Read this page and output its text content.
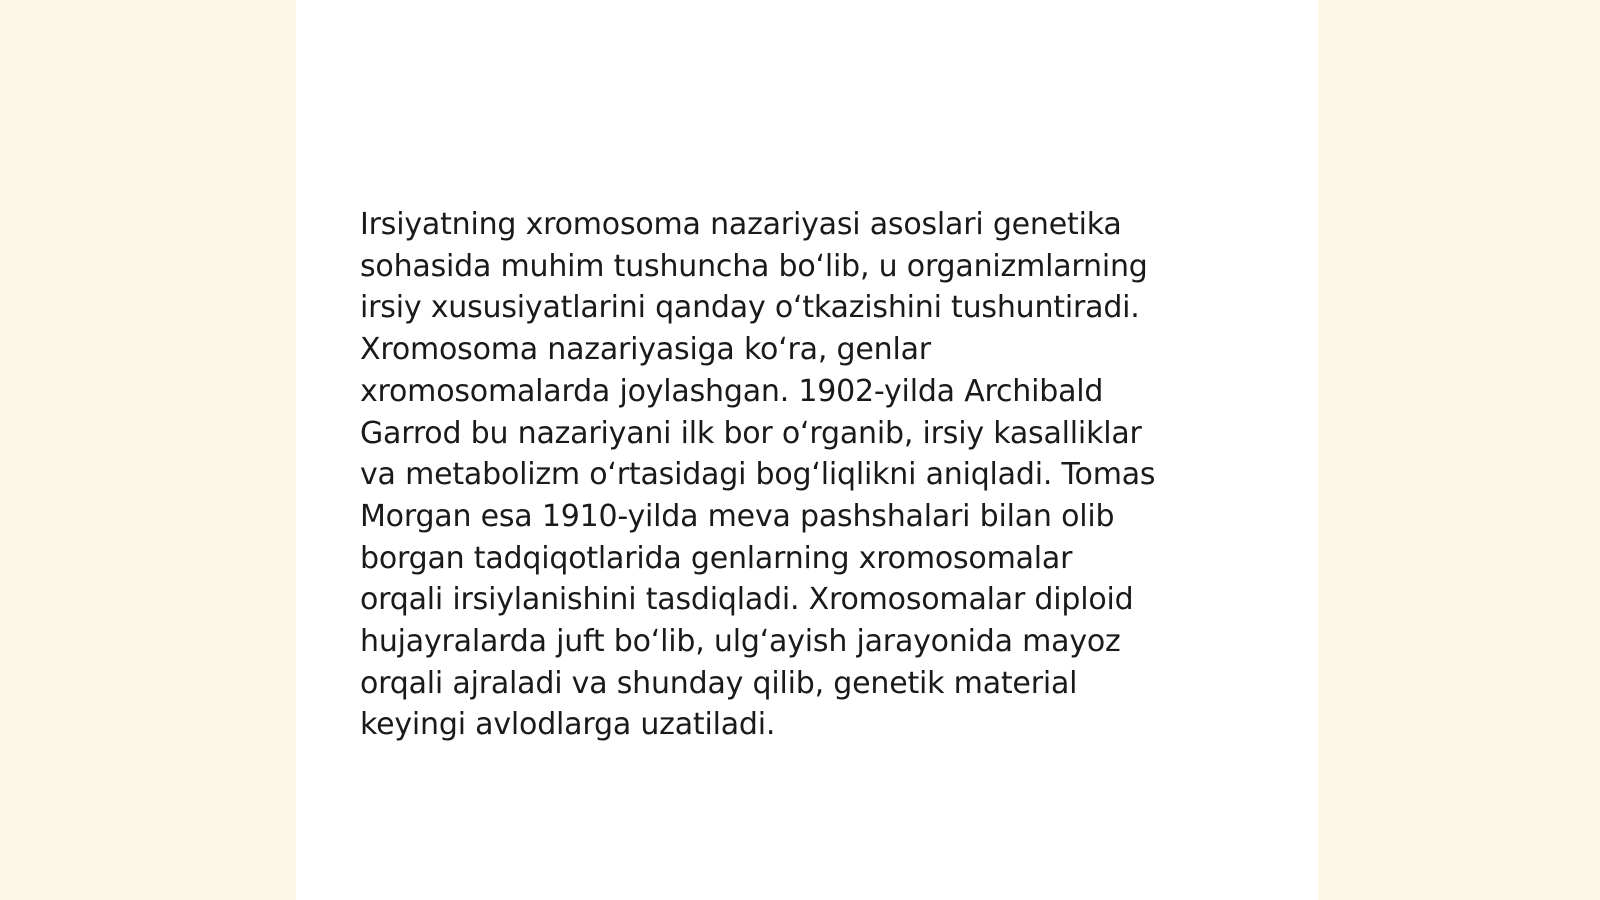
Irsiyatning xromosoma nazariyasi asoslari genetika
sohasida muhim tushuncha boʻlib, u organizmlarning
irsiy xususiyatlarini qanday oʻtkazishini tushuntiradi.
Xromosoma nazariyasiga koʻra, genlar
xromosomalarda joylashgan. 1902-yilda Archibald
Garrod bu nazariyani ilk bor oʻrganib, irsiy kasalliklar
va metabolizm oʻrtasidagi bogʻliqlikni aniqladi. Tomas
Morgan esa 1910-yilda meva pashshalari bilan olib
borgan tadqiqotlarida genlarning xromosomalar
orqali irsiylanishini tasdiqladi. Xromosomalar diploid
hujayralarda juft boʻlib, ulgʻayish jarayonida mayoz
orqali ajraladi va shunday qilib, genetik material
keyingi avlodlarga uzatiladi.
